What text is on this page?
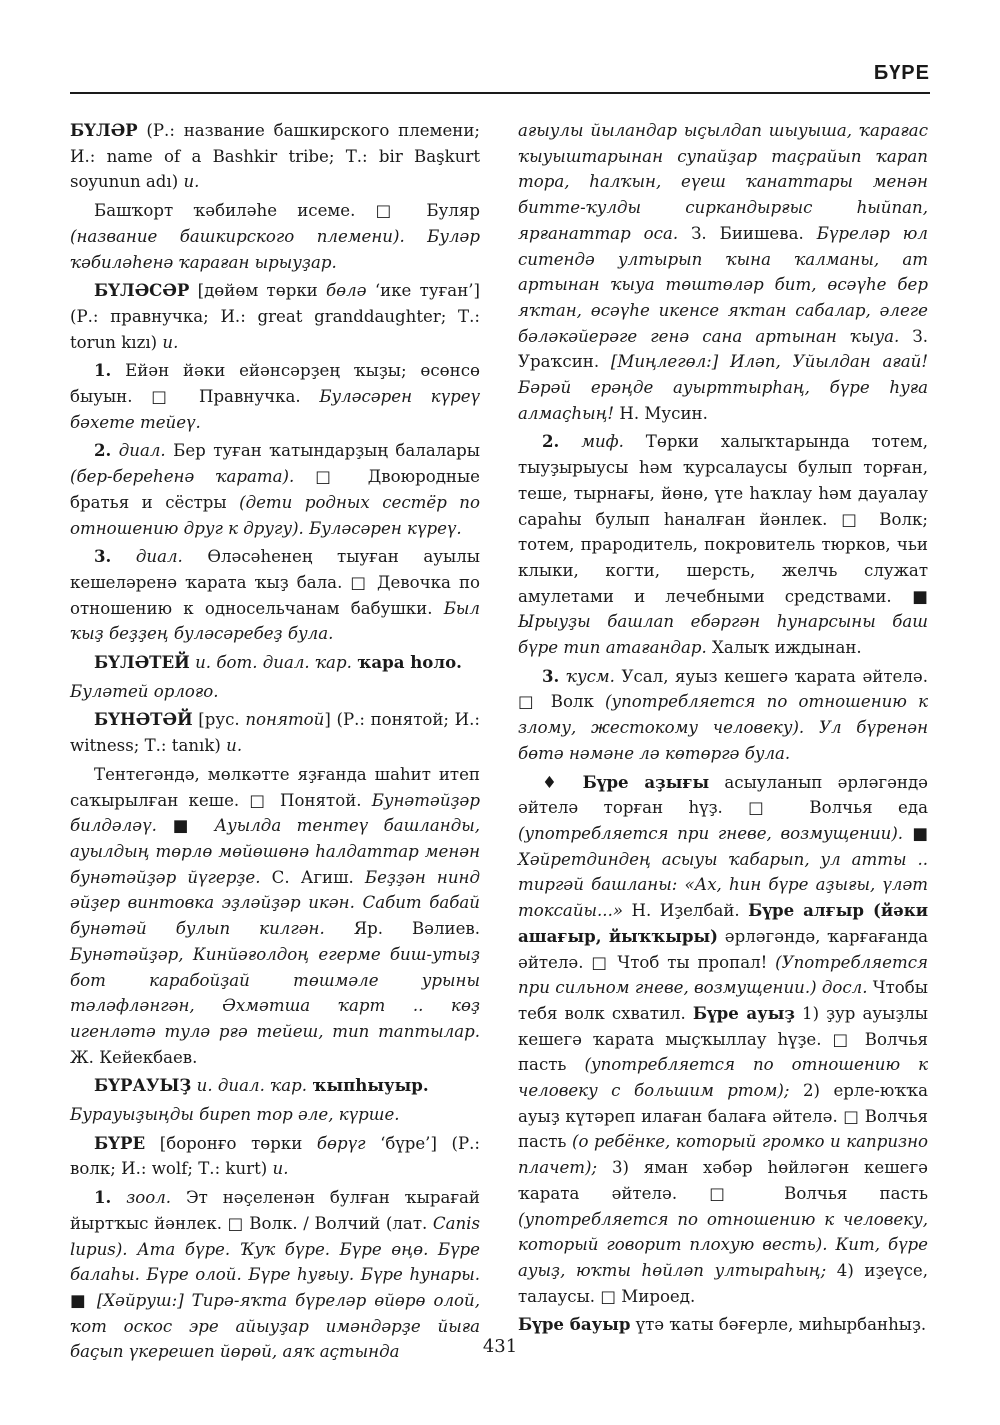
БҮРЕ

БҮЛӘР (Р.: название башкирского племени; И.: name of a Bashkir tribe; Т.: bir Başkurt soyunun adı) и.

Башҡорт ҡәбиләһе исеме. □ Буляр (название башкирского племени). Буләр ҡәбиләһенә ҡараған ырыуҙар.

БҮЛӘСӘР [дөйөм төрки бөлә ‘ике туған’] (Р.: правнучка; И.: great granddaughter; Т.: torun kızı) и.

1. Ейән йәки ейәнсәрҙең ҡыҙы; өсөнсө быуын. □ Правнучка. Буләсәрен күреү бәхете тейеү.

2. диал. Бер туған ҡатындарҙың балалары (бер-береһенә ҡарата). □ Двоюродные братья и сёстры (дети родных сестёр по отношению друг к другу). Буләсәрен күреү.

3. диал. Өләсәһенең тыуған ауылы кешеләренә ҡарата ҡыҙ бала. □ Девочка по отношению к односельчанам бабушки. Был ҡыҙ беҙҙең буләсәребеҙ була.

БҮЛӘТЕЙ и. бот. диал. ҡар. ҡара һоло.

Буләтей орлоғо.

БҮНӘТӘЙ [рус. понятой] (Р.: понятой; И.: witness; Т.: tanık) и.

Тентегәндә, мөлкәтте яҙғанда шаһит итеп саҡырылған кеше. □ Понятой. Бунәтәйҙәр билдәләү. ■ Ауылда тентеү башланды, ауылдың төрлө мөйөшөнә һалдаттар менән бунәтәйҙәр йүгерҙе. С. Агиш. Беҙҙән нинд әйҙер винтовка эҙләйҙәр икән. Сабит бабай бунәтәй булып килгән. Яр. Вәлиев. Бунәтәйҙәр, Кинйәғолдоң егерме биш-утыҙ бот карабойҙай төшмәле урыны тәләфләнгән, Әхмәтша ҡарт .. көҙ игенләтә тулә рғә тейеш, тип таптылар. Ж. Кейекбаев.

БҮРАУЫҘ и. диал. ҡар. ҡыпһыуыр.

Бурауыҙыңды биреп тор әле, күрше.

БҮРЕ [боронғо төрки бөрүг ‘бүре’] (Р.: волк; И.: wolf; Т.: kurt) и.

1. зоол. Эт нәҫеленән булған ҡырағай йыртҡыс йәнлек. □ Волк. / Волчий (лат. Canis lupus). Ата бүре. Ҡуҡ бүре. Бүре өңө. Бүре балаһы. Бүре олой. Бүре һуғыу. Бүре һунары. ■ [Хәйруш:] Тирә-яҡта бүреләр өйөрө олой, ҡот оскос эре айыуҙар имәндәрҙе йыға баҫып үкерешеп йөрөй, аяҡ аҫтында

ағыулы йыландар ыҫылдап шыуыша, ҡарағас ҡыуыштарынан супайҙар таҫрайып ҡарап тора, һалҡын, еүеш ҡанаттары менән битте-ҡулды сиркандырғыс һыйпап, ярғанаттар оса. З. Биишева. Бүреләр юл ситендә ултырып ҡына ҡалманы, ат артынан ҡыуа төштөләр бит, өсәүһе бер яҡтан, өсәүһе икенсе яҡтан сабалар, әлеге бәләкәйерәге генә сана артынан ҡыуа. З. Ураҡсин. [Миңлегөл:] Иләп, Уйылдан ағай! Бәрәй ерәңде ауырттырһаң, бүре һуға алмаҫһың! Н. Мусин.

2. миф. Төрки халыҡтарында тотем, тыуҙырыусы һәм ҡурсалаусы булып торған, теше, тырнағы, йөнө, үте һаҡлау һәм дауалау сараһы булып һаналған йәнлек. □ Волк; тотем, прародитель, покровитель тюрков, чьи клыки, когти, шерсть, желчь служат амулетами и лечебными средствами. ■ Ырыуҙы башлап ебәргән һунарсыны баш бүре тип атағандар. Халыҡ иждынан.

3. ҡусм. Усал, яуыз кешегә ҡарата әйтелә. □ Волк (употребляется по отношению к злому, жестокому человеку). Ул бүренән бөтә нәмәне лә көтөргә була.

♦ Бүре аҙығы асыуланып әрләгәндә әйтелә торған һүҙ. □ Волчья еда (употребляется при гневе, возмущении). ■ Хәйретдиндең асыуы ҡабарып, ул атты .. тиргәй башланы: «Ах, һин бүре аҙығы, үләт токсайы...» Н. Иҙелбай. Бүре алғыр (йәки ашағыр, йыҡҡыры) әрләгәндә, ҡарғағанда әйтелә. □ Чтоб ты пропал! (Употребляется при сильном гневе, возмущении.) досл. Чтобы тебя волк схватил. Бүре ауыҙ 1) ҙур ауыҙлы кешегә ҡарата мыҫҡыллау һүҙе. □ Волчья пасть (употребляется по отношению к человеку с большим ртом); 2) ерле-юҡҡа ауыҙ күтәреп илаған балаға әйтелә. □ Волчья пасть (о ребёнке, который громко и капризно плачет); 3) яман хәбәр һөйләгән кешегә ҡарата әйтелә. □ Волчья пасть (употребляется по отношению к человеку, который говорит плохую весть). Кит, бүре ауыҙ, юҡты һөйләп ултыраһың; 4) иҙеүсе, талаусы. □ Мироед.

Бүре бауыр үтә ҡаты бәғерле, миһырбанһыҙ.

431
